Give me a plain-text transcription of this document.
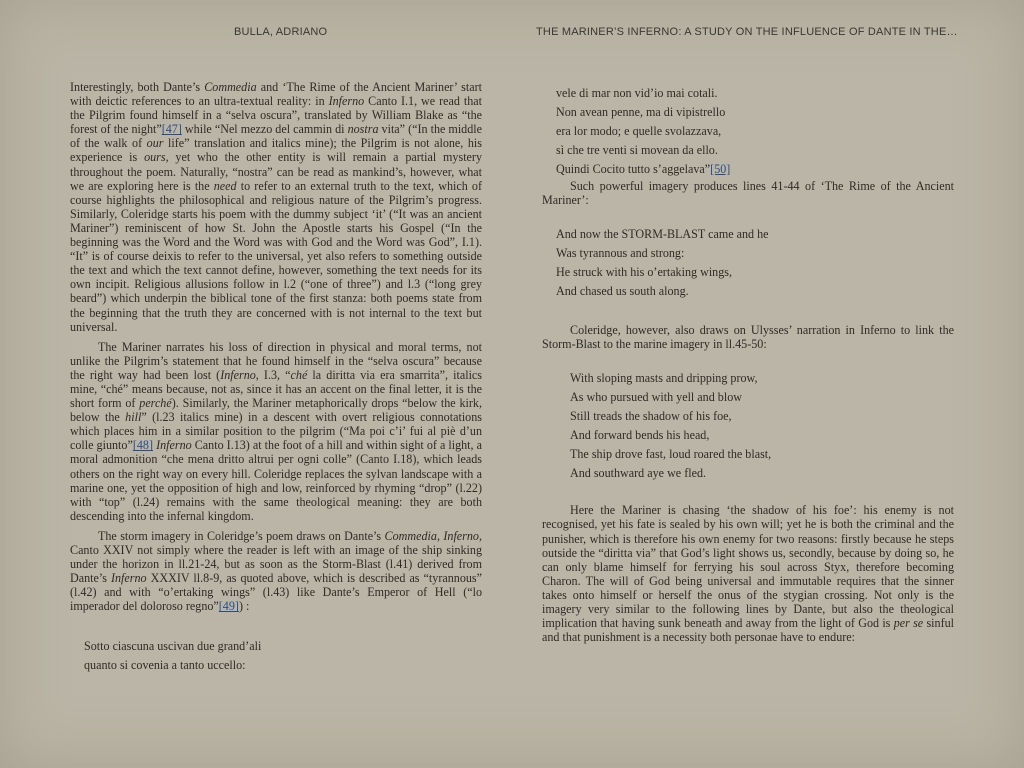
BULLA, ADRIANO	THE MARINER’S INFERNO: A STUDY ON THE INFLUENCE OF DANTE IN THE…

Interestingly, both Dante’s Commedia and ‘The Rime of the Ancient Mariner’ start with deictic references to an ultra-textual reality: in Inferno Canto I.1, we read that the Pilgrim found himself in a “selva oscura”, translated by William Blake as “the forest of the night”[47] while “Nel mezzo del cammin di nostra vita” (“In the middle of the walk of our life” translation and italics mine); the Pilgrim is not alone, his experience is ours, yet who the other entity is will remain a partial mystery throughout the poem. Naturally, “nostra” can be read as mankind’s, however, what we are exploring here is the need to refer to an external truth to the text, which of course highlights the philosophical and religious nature of the Pilgrim’s progress. Similarly, Coleridge starts his poem with the dummy subject ‘it’ (“It was an ancient Mariner”) reminiscent of how St. John the Apostle starts his Gospel (“In the beginning was the Word and the Word was with God and the Word was God”, I.1). “It” is of course deixis to refer to the universal, yet also refers to something outside the text and which the text cannot define, however, something the text needs for its own incipit. Religious allusions follow in l.2 (“one of three”) and l.3 (“long grey beard”) which underpin the biblical tone of the first stanza: both poems state from the beginning that the truth they are concerned with is not internal to the text but universal.

The Mariner narrates his loss of direction in physical and moral terms, not unlike the Pilgrim’s statement that he found himself in the “selva oscura” because the right way had been lost (Inferno, I.3, “ché la diritta via era smarrita”, italics mine, “ché” means because, not as, since it has an accent on the final letter, it is the short form of perché). Similarly, the Mariner metaphorically drops “below the kirk, below the hill” (l.23 italics mine) in a descent with overt religious connotations which places him in a similar position to the pilgrim (“Ma poi c’i’ fui al piè d’un colle giunto”[48] Inferno Canto I.13) at the foot of a hill and within sight of a light, a moral admonition “che mena dritto altrui per ogni colle” (Canto I.18), which leads others on the right way on every hill. Coleridge replaces the sylvan landscape with a marine one, yet the opposition of high and low, reinforced by rhyming “drop” (l.22) with “top” (l.24) remains with the same theological meaning: they are both descending into the infernal kingdom.

The storm imagery in Coleridge’s poem draws on Dante’s Commedia, Inferno, Canto XXIV not simply where the reader is left with an image of the ship sinking under the horizon in ll.21-24, but as soon as the Storm-Blast (l.41) derived from Dante’s Inferno XXXIV ll.8-9, as quoted above, which is described as “tyrannous” (l.42) and with “o’ertaking wings” (l.43) like Dante’s Emperor of Hell (“lo imperador del doloroso regno”[49]) :

Sotto ciascuna uscivan due grand’ali
quanto si covenia a tanto uccello:
vele di mar non vid’io mai cotali.
Non avean penne, ma di vipistrello
era lor modo; e quelle svolazzava,
sì che tre venti si movean da ello.
Quindi Cocito tutto s’aggelava”[50]

Such powerful imagery produces lines 41-44 of ‘The Rime of the Ancient Mariner’:

And now the STORM-BLAST came and he
Was tyrannous and strong:
He struck with his o’ertaking wings,
And chased us south along.

Coleridge, however, also draws on Ulysses’ narration in Inferno to link the Storm-Blast to the marine imagery in ll.45-50:

With sloping masts and dripping prow,
As who pursued with yell and blow
Still treads the shadow of his foe,
And forward bends his head,
The ship drove fast, loud roared the blast,
And southward aye we fled.

Here the Mariner is chasing ‘the shadow of his foe’: his enemy is not recognised, yet his fate is sealed by his own will; yet he is both the criminal and the punisher, which is therefore his own enemy for two reasons: firstly because he steps outside the “diritta via” that God’s light shows us, secondly, because by doing so, he can only blame himself for ferrying his soul across Styx, therefore becoming Charon. The will of God being universal and immutable requires that the sinner takes onto himself or herself the onus of the stygian crossing. Not only is the imagery very similar to the following lines by Dante, but also the theological implication that having sunk beneath and away from the light of God is per se sinful and that punishment is a necessity both personae have to endure:
